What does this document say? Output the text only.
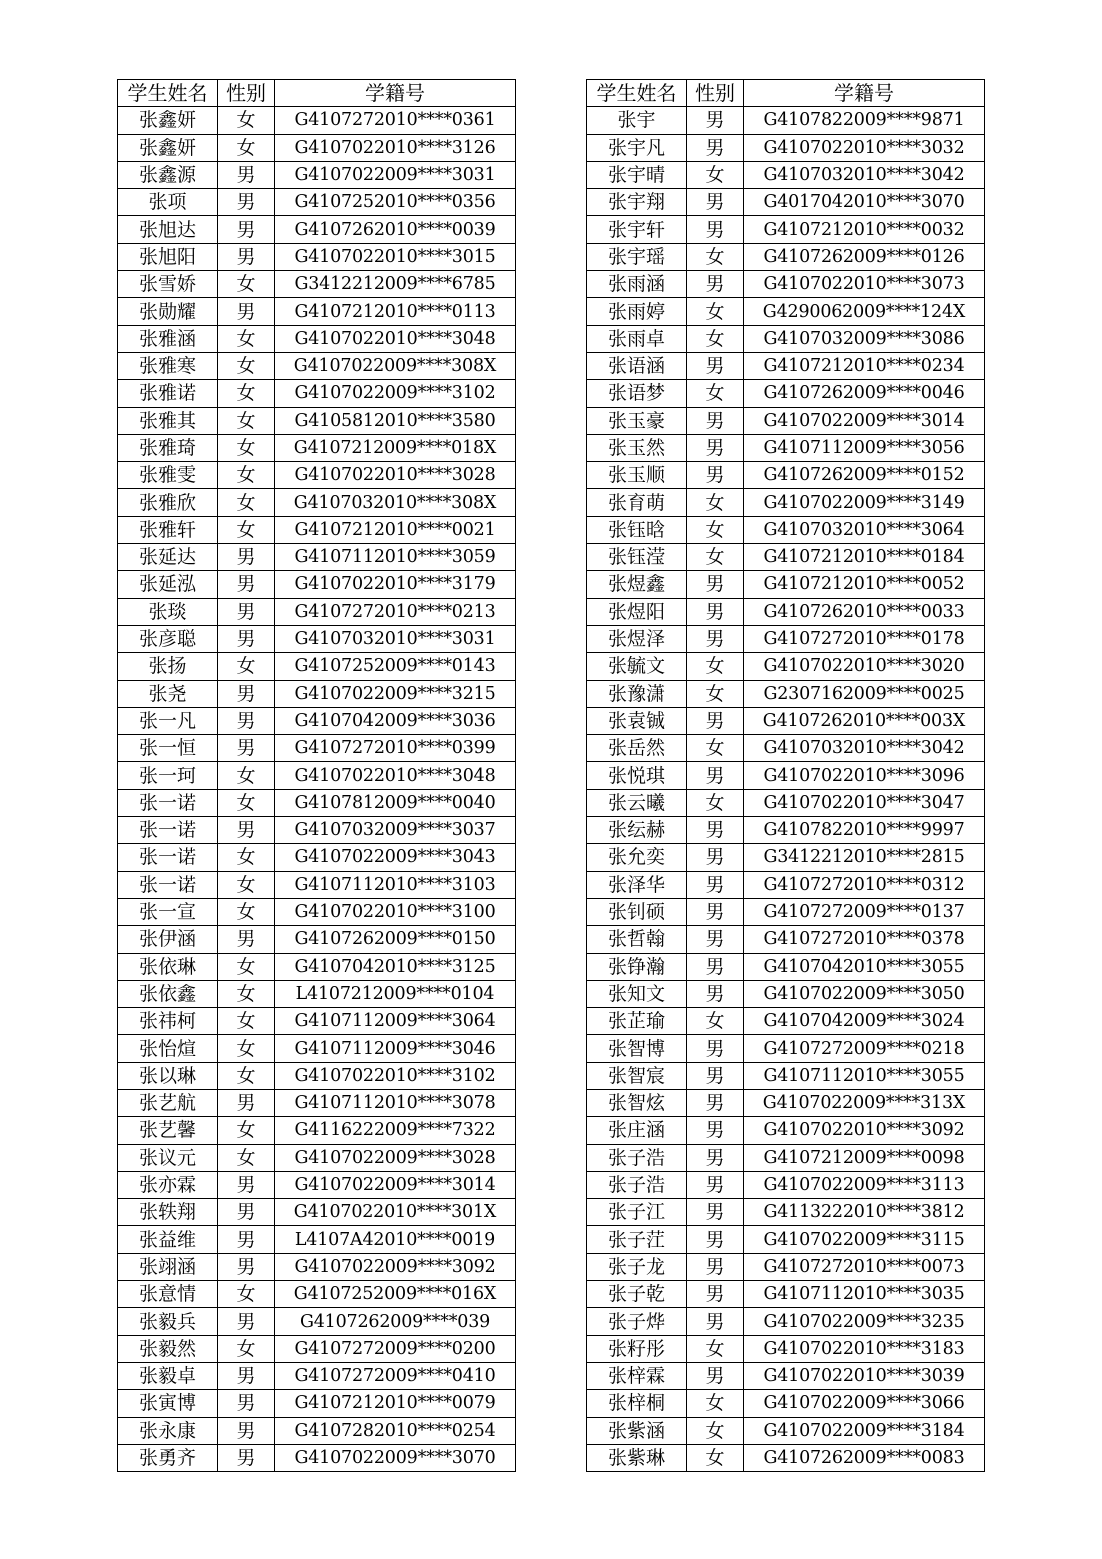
学生姓名	性别	学籍号
张鑫妍	女	G4107272010****0361
张鑫妍	女	G4107022010****3126
张鑫源	男	G4107022009****3031
张项	男	G4107252010****0356
张旭达	男	G4107262010****0039
张旭阳	男	G4107022010****3015
张雪娇	女	G3412212009****6785
张勋耀	男	G4107212010****0113
张雅涵	女	G4107022010****3048
张雅寒	女	G4107022009****308X
张雅诺	女	G4107022009****3102
张雅其	女	G4105812010****3580
张雅琦	女	G4107212009****018X
张雅雯	女	G4107022010****3028
张雅欣	女	G4107032010****308X
张雅轩	女	G4107212010****0021
张延达	男	G4107112010****3059
张延泓	男	G4107022010****3179
张琰	男	G4107272010****0213
张彦聪	男	G4107032010****3031
张扬	女	G4107252009****0143
张尧	男	G4107022009****3215
张一凡	男	G4107042009****3036
张一恒	男	G4107272010****0399
张一珂	女	G4107022010****3048
张一诺	女	G4107812009****0040
张一诺	男	G4107032009****3037
张一诺	女	G4107022009****3043
张一诺	女	G4107112010****3103
张一宣	女	G4107022010****3100
张伊涵	男	G4107262009****0150
张依琳	女	G4107042010****3125
张依鑫	女	L4107212009****0104
张祎柯	女	G4107112009****3064
张怡煊	女	G4107112009****3046
张以琳	女	G4107022010****3102
张艺航	男	G4107112010****3078
张艺馨	女	G4116222009****7322
张议元	女	G4107022009****3028
张亦霖	男	G4107022009****3014
张轶翔	男	G4107022010****301X
张益维	男	L4107A42010****0019
张翊涵	男	G4107022009****3092
张意情	女	G4107252009****016X
张毅兵	男	G4107262009****039
张毅然	女	G4107272009****0200
张毅卓	男	G4107272009****0410
张寅博	男	G4107212010****0079
张永康	男	G4107282010****0254
张勇齐	男	G4107022009****3070
学生姓名	性别	学籍号
张宇	男	G4107822009****9871
张宇凡	男	G4107022010****3032
张宇晴	女	G4107032010****3042
张宇翔	男	G4017042010****3070
张宇轩	男	G4107212010****0032
张宇瑶	女	G4107262009****0126
张雨涵	男	G4107022010****3073
张雨婷	女	G4290062009****124X
张雨卓	女	G4107032009****3086
张语涵	男	G4107212010****0234
张语梦	女	G4107262009****0046
张玉豪	男	G4107022009****3014
张玉然	男	G4107112009****3056
张玉顺	男	G4107262009****0152
张育萌	女	G4107022009****3149
张钰晗	女	G4107032010****3064
张钰滢	女	G4107212010****0184
张煜鑫	男	G4107212010****0052
张煜阳	男	G4107262010****0033
张煜泽	男	G4107272010****0178
张毓文	女	G4107022010****3020
张豫潇	女	G2307162009****0025
张袁铖	男	G4107262010****003X
张岳然	女	G4107032010****3042
张悦琪	男	G4107022010****3096
张云曦	女	G4107022010****3047
张纭赫	男	G4107822010****9997
张允奕	男	G3412212010****2815
张泽华	男	G4107272010****0312
张钊硕	男	G4107272009****0137
张哲翰	男	G4107272010****0378
张铮瀚	男	G4107042010****3055
张知文	男	G4107022009****3050
张芷瑜	女	G4107042009****3024
张智博	男	G4107272009****0218
张智宸	男	G4107112010****3055
张智炫	男	G4107022009****313X
张庄涵	男	G4107022010****3092
张子浩	男	G4107212009****0098
张子浩	男	G4107022009****3113
张子江	男	G4113222010****3812
张子茳	男	G4107022009****3115
张子龙	男	G4107272010****0073
张子乾	男	G4107112010****3035
张子烨	男	G4107022009****3235
张籽彤	女	G4107022010****3183
张梓霖	男	G4107022010****3039
张梓桐	女	G4107022009****3066
张紫涵	女	G4107022009****3184
张紫琳	女	G4107262009****0083
